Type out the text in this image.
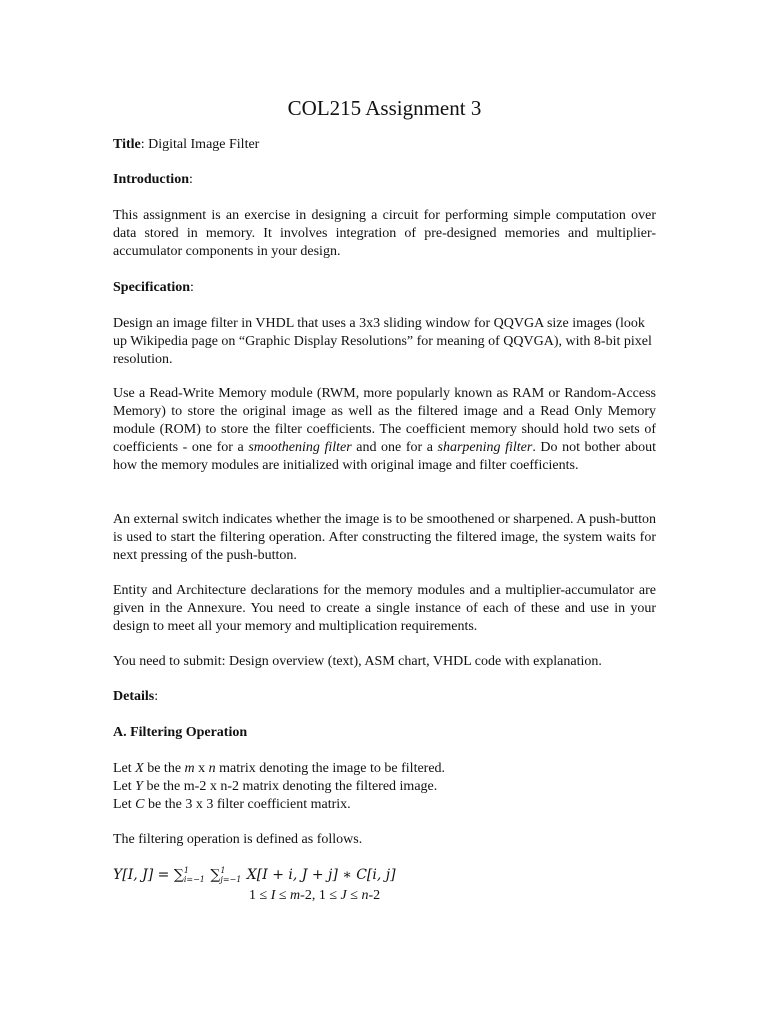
COL215 Assignment 3

Title: Digital Image Filter

Introduction:

This assignment is an exercise in designing a circuit for performing simple computation over data stored in memory. It involves integration of pre-designed memories and multiplier-accumulator components in your design.

Specification:

Design an image filter in VHDL that uses a 3x3 sliding window for QQVGA size images (look up Wikipedia page on “Graphic Display Resolutions” for meaning of QQVGA), with 8-bit pixel resolution.

Use a Read-Write Memory module (RWM, more popularly known as RAM or Random-Access Memory) to store the original image as well as the filtered image and a Read Only Memory module (ROM) to store the filter coefficients. The coefficient memory should hold two sets of coefficients - one for a smoothening filter and one for a sharpening filter. Do not bother about how the memory modules are initialized with original image and filter coefficients.

An external switch indicates whether the image is to be smoothened or sharpened. A push-button is used to start the filtering operation. After constructing the filtered image, the system waits for next pressing of the push-button.

Entity and Architecture declarations for the memory modules and a multiplier-accumulator are given in the Annexure. You need to create a single instance of each of these and use in your design to meet all your memory and multiplication requirements.

You need to submit: Design overview (text), ASM chart, VHDL code with explanation.

Details:

A. Filtering Operation

Let X be the m x n matrix denoting the image to be filtered.

Let Y be the m-2 x n-2 matrix denoting the filtered image.

Let C be the 3 x 3 filter coefficient matrix.

The filtering operation is defined as follows.

Y[I, J] = ∑ 1
i=−1 ∑ 1
j=−1 X[I + i, J + j] ∗ C[i, j]
1 ≤ I ≤ m-2, 1 ≤ J ≤ n-2
